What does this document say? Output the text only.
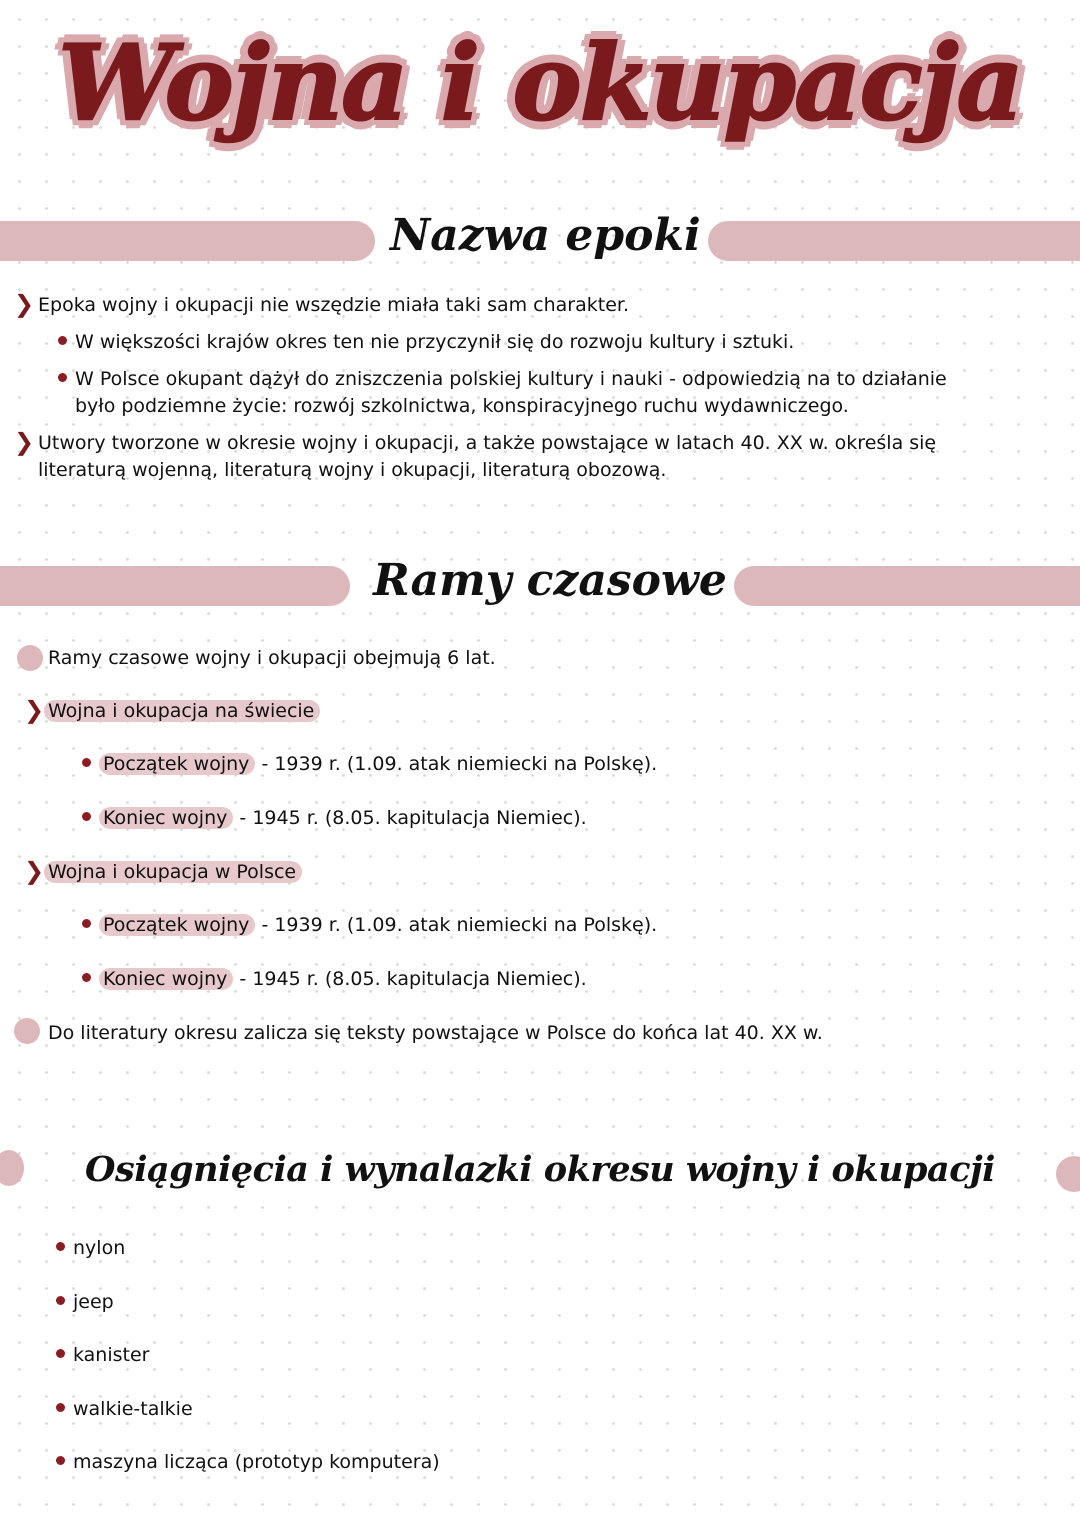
Wojna i okupacja
Nazwa epoki
❯ Epoka wojny i okupacji nie wszędzie miała taki sam charakter.
W większości krajów okres ten nie przyczynił się do rozwoju kultury i sztuki.
W Polsce okupant dążył do zniszczenia polskiej kultury i nauki - odpowiedzią na to działanie
było podziemne życie: rozwój szkolnictwa, konspiracyjnego ruchu wydawniczego.
❯ Utwory tworzone w okresie wojny i okupacji, a także powstające w latach 40. XX w. określa się
literaturą wojenną, literaturą wojny i okupacji, literaturą obozową.
Ramy czasowe
Ramy czasowe wojny i okupacji obejmują 6 lat.
❯ Wojna i okupacja na świecie
Początek wojny - 1939 r. (1.09. atak niemiecki na Polskę).
Koniec wojny - 1945 r. (8.05. kapitulacja Niemiec).
❯ Wojna i okupacja w Polsce
Początek wojny - 1939 r. (1.09. atak niemiecki na Polskę).
Koniec wojny - 1945 r. (8.05. kapitulacja Niemiec).
Do literatury okresu zalicza się teksty powstające w Polsce do końca lat 40. XX w.
Osiągnięcia i wynalazki okresu wojny i okupacji
nylon
jeep
kanister
walkie-talkie
maszyna licząca (prototyp komputera)
